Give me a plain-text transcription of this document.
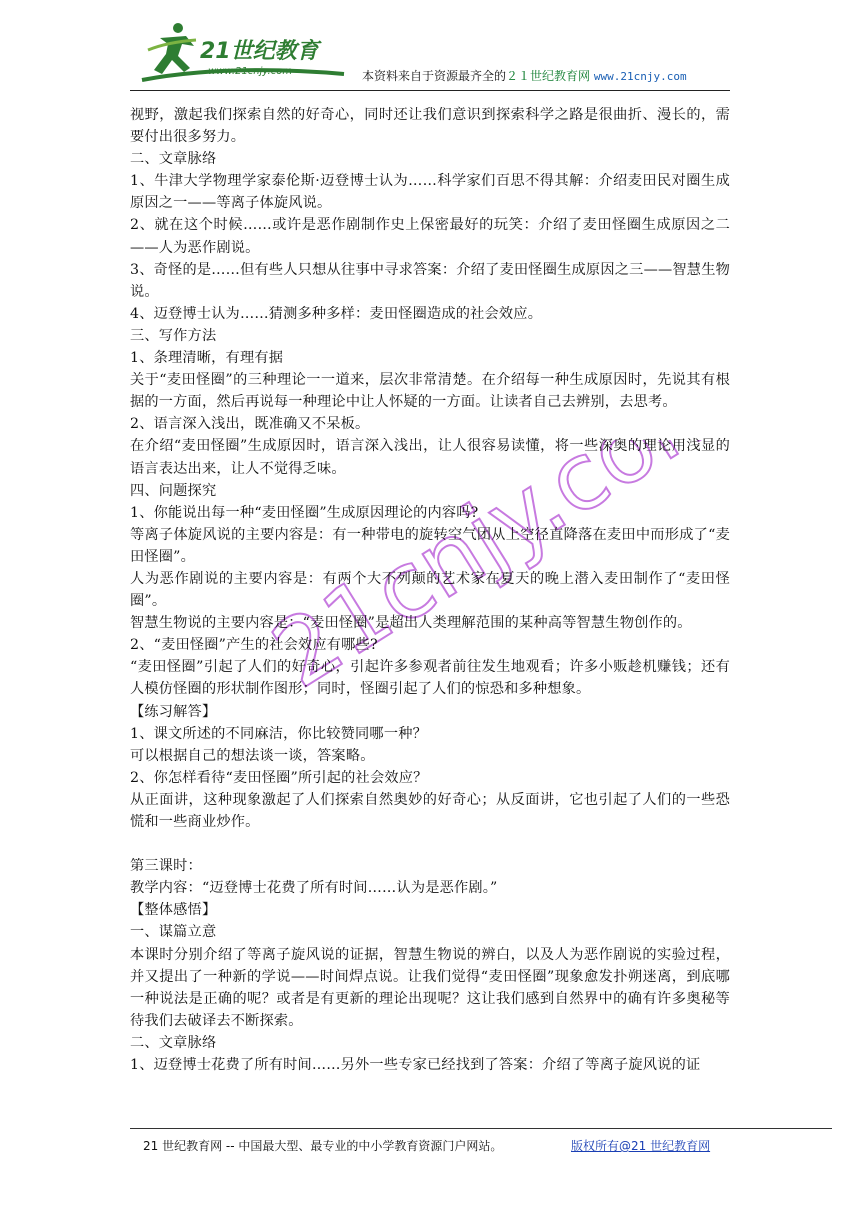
21世纪教育
www.21cnjy.com	本资料来自于资源最齐全的２１世纪教育网 www.21cnjy.com
21cnjy.com

视野，激起我们探索自然的好奇心，同时还让我们意识到探索科学之路是很曲折、漫长的，需要付出很多努力。

二、文章脉络

1、牛津大学物理学家泰伦斯·迈登博士认为……科学家们百思不得其解：介绍麦田民对圈生成原因之一——等离子体旋风说。

2、就在这个时候……或许是恶作剧制作史上保密最好的玩笑：介绍了麦田怪圈生成原因之二——人为恶作剧说。

3、奇怪的是……但有些人只想从往事中寻求答案：介绍了麦田怪圈生成原因之三——智慧生物说。

4、迈登博士认为……猜测多种多样：麦田怪圈造成的社会效应。

三、写作方法

1、条理清晰，有理有据

关于“麦田怪圈”的三种理论一一道来，层次非常清楚。在介绍每一种生成原因时，先说其有根据的一方面，然后再说每一种理论中让人怀疑的一方面。让读者自己去辨别，去思考。

2、语言深入浅出，既准确又不呆板。

在介绍“麦田怪圈”生成原因时，语言深入浅出，让人很容易读懂，将一些深奥的理论用浅显的语言表达出来，让人不觉得乏味。

四、问题探究

1、你能说出每一种“麦田怪圈”生成原因理论的内容吗?

等离子体旋风说的主要内容是：有一种带电的旋转空气团从上空径直降落在麦田中而形成了“麦田怪圈”。

人为恶作剧说的主要内容是：有两个大不列颠的艺术家在夏天的晚上潜入麦田制作了“麦田怪圈”。

智慧生物说的主要内容是：“麦田怪圈”是超出人类理解范围的某种高等智慧生物创作的。

2、“麦田怪圈”产生的社会效应有哪些?

“麦田怪圈”引起了人们的好奇心，引起许多参观者前往发生地观看；许多小贩趁机赚钱；还有人模仿怪圈的形状制作图形；同时，怪圈引起了人们的惊恐和多种想象。

【练习解答】

1、课文所述的不同麻洁，你比较赞同哪一种？

可以根据自己的想法谈一谈，答案略。

2、你怎样看待“麦田怪圈”所引起的社会效应？

从正面讲，这种现象激起了人们探索自然奥妙的好奇心；从反面讲，它也引起了人们的一些恐慌和一些商业炒作。

第三课时：

教学内容：“迈登博士花费了所有时间……认为是恶作剧。”

【整体感悟】

一、谋篇立意

本课时分别介绍了等离子旋风说的证据，智慧生物说的辨白，以及人为恶作剧说的实验过程，并又提出了一种新的学说——时间焊点说。让我们觉得“麦田怪圈”现象愈发扑朔迷离，到底哪一种说法是正确的呢？或者是有更新的理论出现呢？这让我们感到自然界中的确有许多奥秘等待我们去破译去不断探索。

二、文章脉络

1、迈登博士花费了所有时间……另外一些专家已经找到了答案：介绍了等离子旋风说的证

21 世纪教育网 -- 中国最大型、最专业的中小学教育资源门户网站。	版权所有@21 世纪教育网
